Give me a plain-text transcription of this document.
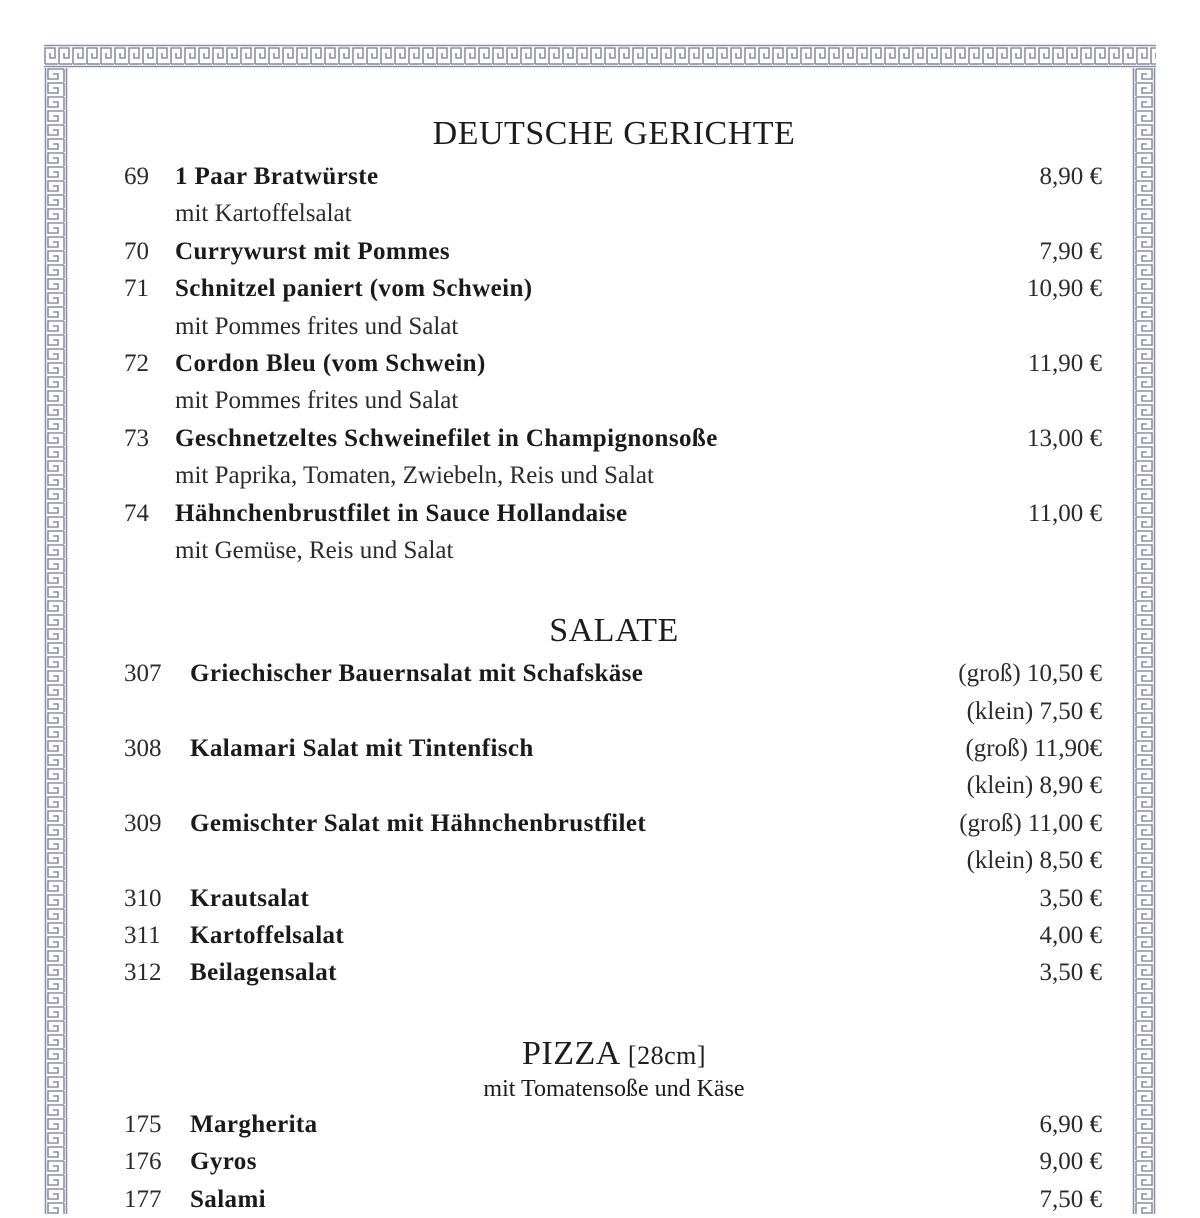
DEUTSCHE GERICHTE
69 1 Paar Bratwürste	8,90 €
mit Kartoffelsalat
70 Currywurst mit Pommes	7,90 €
71 Schnitzel paniert (vom Schwein)	10,90 €
mit Pommes frites und Salat
72 Cordon Bleu (vom Schwein)	11,90 €
mit Pommes frites und Salat
73 Geschnetzeltes Schweinefilet in Champignonsoße	13,00 €
mit Paprika, Tomaten, Zwiebeln, Reis und Salat
74 Hähnchenbrustfilet in Sauce Hollandaise	11,00 €
mit Gemüse, Reis und Salat
SALATE
307 Griechischer Bauernsalat mit Schafskäse	(groß) 10,50 €
(klein) 7,50 €
308 Kalamari Salat mit Tintenfisch	(groß) 11,90€
(klein) 8,90 €
309 Gemischter Salat mit Hähnchenbrustfilet	(groß) 11,00 €
(klein) 8,50 €
310 Krautsalat	3,50 €
311 Kartoffelsalat	4,00 €
312 Beilagensalat	3,50 €
PIZZA [28cm]
mit Tomatensoße und Käse
175 Margherita	6,90 €
176 Gyros	9,00 €
177 Salami	7,50 €
